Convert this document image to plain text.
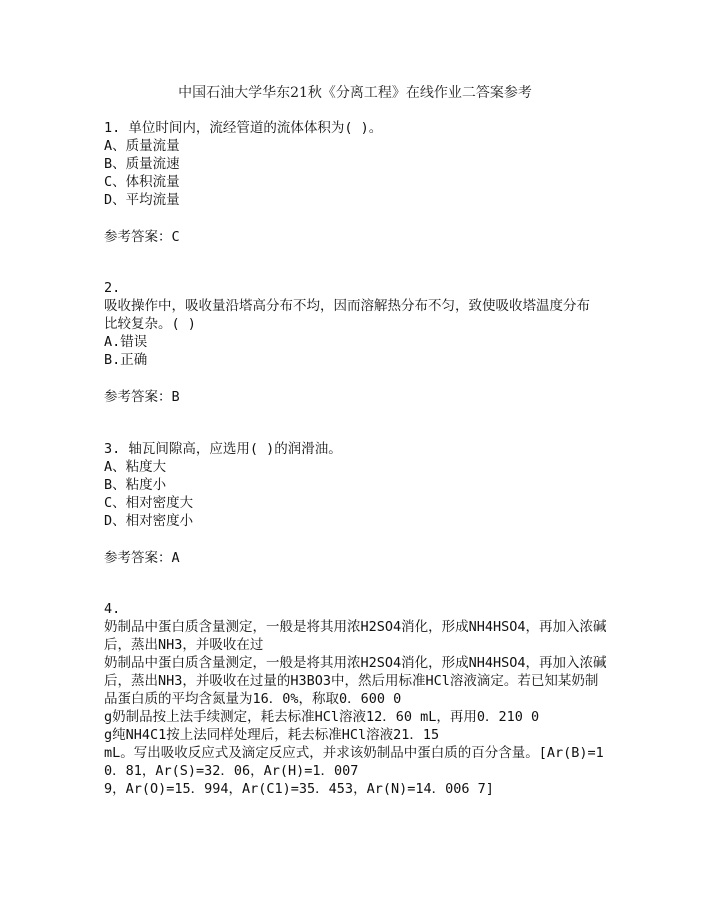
中国石油大学华东21秋《分离工程》在线作业二答案参考
1. 单位时间内，流经管道的流体体积为( )。
A、质量流量
B、质量流速
C、体积流量
D、平均流量
参考答案：C
2.
吸收操作中，吸收量沿塔高分布不均，因而溶解热分布不匀，致使吸收塔温度分布
比较复杂。( )
A.错误
B.正确
参考答案：B
3. 轴瓦间隙高，应选用( )的润滑油。
A、粘度大
B、粘度小
C、相对密度大
D、相对密度小
参考答案：A
4.
奶制品中蛋白质含量测定，一般是将其用浓H2SO4消化，形成NH4HSO4，再加入浓碱
后，蒸出NH3，并吸收在过
奶制品中蛋白质含量测定，一般是将其用浓H2SO4消化，形成NH4HSO4，再加入浓碱
后，蒸出NH3，并吸收在过量的H3BO3中，然后用标准HCl溶液滴定。若已知某奶制
品蛋白质的平均含氮量为16．0%，称取0．600 0
g奶制品按上法手续测定，耗去标准HCl溶液12．60 mL，再用0．210 0
g纯NH4C1按上法同样处理后，耗去标准HCl溶液21．15
mL。写出吸收反应式及滴定反应式，并求该奶制品中蛋白质的百分含量。[Ar(B)=1
0．81，Ar(S)=32．06，Ar(H)=1．007
9，Ar(O)=15．994，Ar(C1)=35．453，Ar(N)=14．006 7]
